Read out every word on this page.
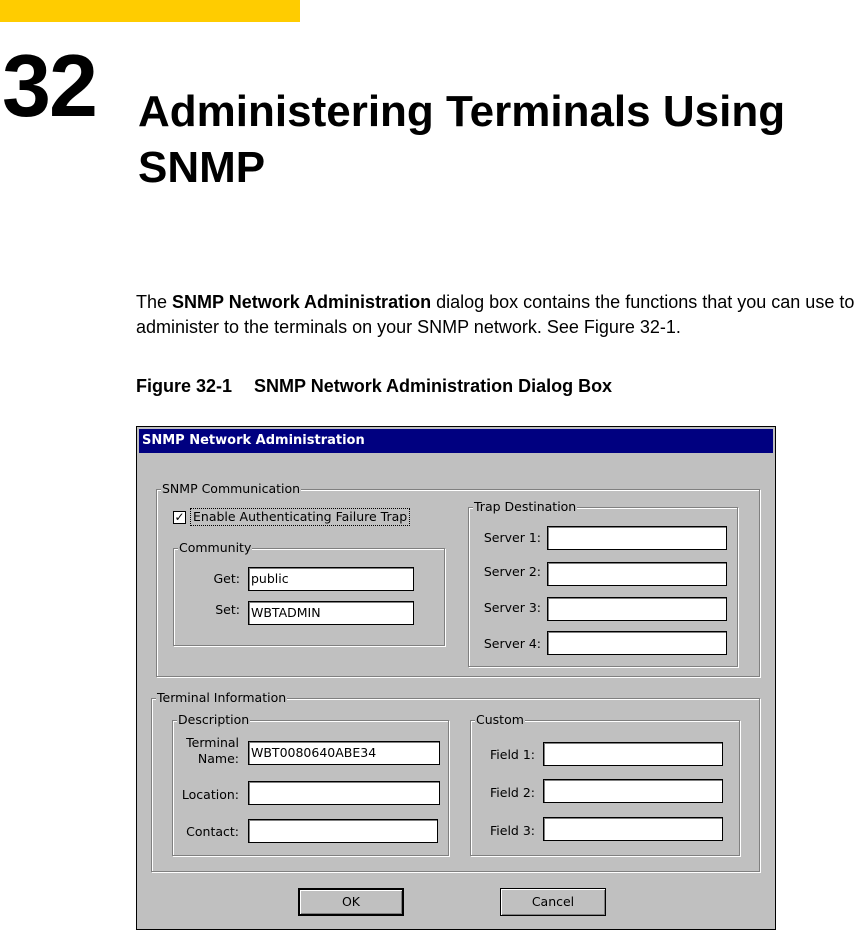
32 Administering Terminals Using SNMP
The SNMP Network Administration dialog box contains the functions that you can use to administer to the terminals on your SNMP network. See Figure 32-1.
Figure 32-1 SNMP Network Administration Dialog Box
SNMP Network Administration
SNMP Communication
✓ Enable Authenticating Failure Trap
Community
Get: public
Set: WBTADMIN
Trap Destination
Server 1:
Server 2:
Server 3:
Server 4:
Terminal Information
Description
Terminal
Name: WBT0080640ABE34
Location:
Contact:
Custom
Field 1:
Field 2:
Field 3:
OK	Cancel
